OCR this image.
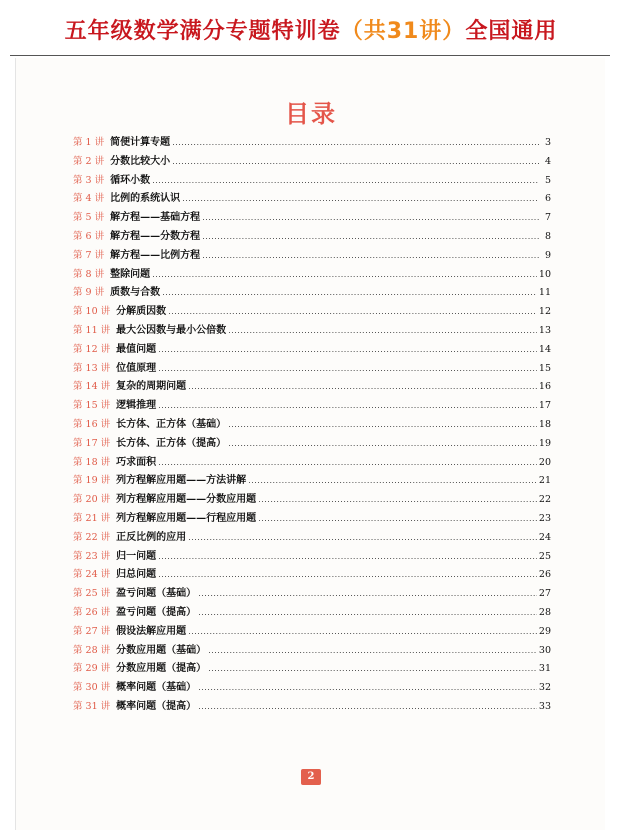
五年级数学满分专题特训卷（共31讲）全国通用
目录
第 1 讲 简便计算专题 .....	3
第 2 讲 分数比较大小 .....	4
第 3 讲 循环小数 .....	5
第 4 讲 比例的系统认识 .....	6
第 5 讲 解方程——基础方程 .....	7
第 6 讲 解方程——分数方程 .....	8
第 7 讲 解方程——比例方程 .....	9
第 8 讲 整除问题 .....	10
第 9 讲 质数与合数 .....	11
第 10 讲 分解质因数 .....	12
第 11 讲 最大公因数与最小公倍数 .....	13
第 12 讲 最值问题 .....	14
第 13 讲 位值原理 .....	15
第 14 讲 复杂的周期问题 .....	16
第 15 讲 逻辑推理 .....	17
第 16 讲 长方体、正方体（基础） .....	18
第 17 讲 长方体、正方体（提高） .....	19
第 18 讲 巧求面积 .....	20
第 19 讲 列方程解应用题——方法讲解 .....	21
第 20 讲 列方程解应用题——分数应用题 .....	22
第 21 讲 列方程解应用题——行程应用题 .....	23
第 22 讲 正反比例的应用 .....	24
第 23 讲 归一问题 .....	25
第 24 讲 归总问题 .....	26
第 25 讲 盈亏问题（基础） .....	27
第 26 讲 盈亏问题（提高） .....	28
第 27 讲 假设法解应用题 .....	29
第 28 讲 分数应用题（基础） .....	30
第 29 讲 分数应用题（提高） .....	31
第 30 讲 概率问题（基础） .....	32
第 31 讲 概率问题（提高） .....	33
2
